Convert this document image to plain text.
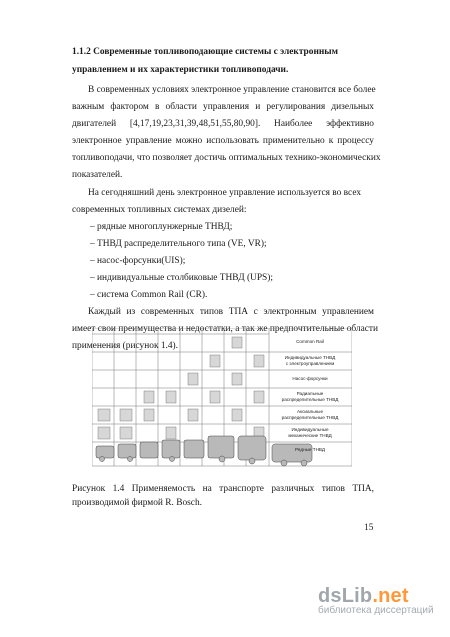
1.1.2 Современные топливоподающие системы с электронным
управлением и их характеристики топливоподачи.
В современных условиях электронное управление становится все более
важным фактором в области управления и регулирования дизельных
двигателей [4,17,19,23,31,39,48,51,55,80,90]. Наиболее эффективно
электронное управление можно использовать применительно к процессу
топливоподачи, что позволяет достичь оптимальных технико-экономических
показателей.
На сегодняшний день электронное управление используется во всех
современных топливных системах дизелей:
– рядные многоплунжерные ТНВД;
– ТНВД распределительного типа (VE, VR);
– насос-форсунки(UIS);
– индивидуальные столбиковые ТНВД (UPS);
– система Common Rail (CR).
Каждый из современных типов ТПА с электронным управлением
имеет свои преимущества и недостатки, а так же предпочтительные области
применения (рисунок 1.4).	Common Rail
Индивидуальные ТНВД
с электроуправлением
Насос-форсунки
Радиальные
распределительные ТНВД
Аксиальные
распределительные ТНВД
Индивидуальные
механические ТНВД
Рядные ТНВД
Рисунок 1.4 Применяемость на транспорте различных типов ТПА,
производимой фирмой R. Bosch.
15
dsLib.net
библиотека диссертаций
